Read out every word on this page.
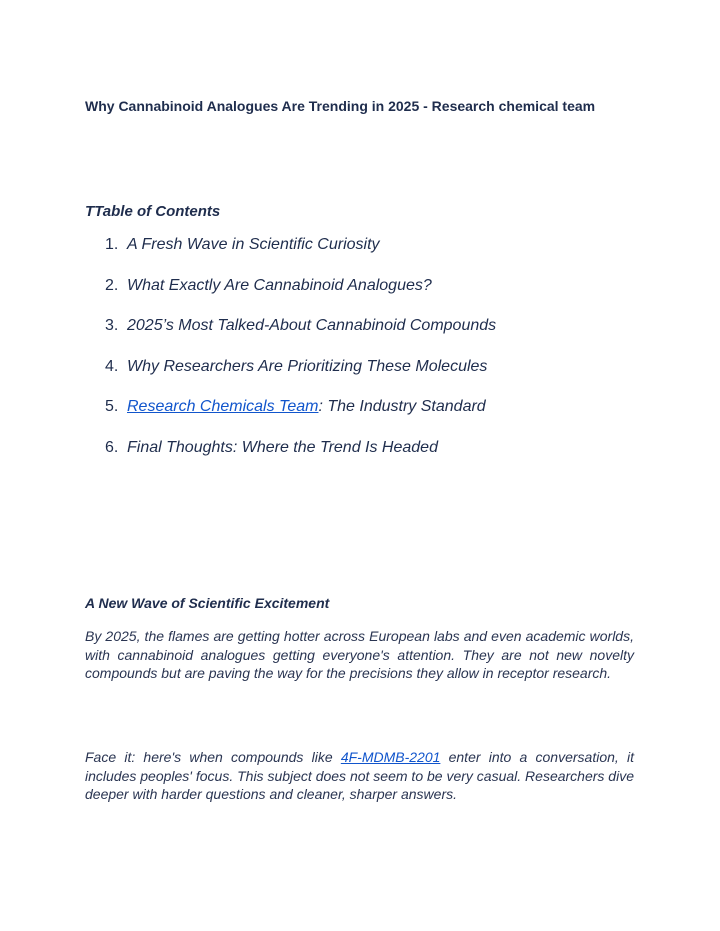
Why Cannabinoid Analogues Are Trending in 2025 - Research chemical team
TTable of Contents
1. A Fresh Wave in Scientific Curiosity
2. What Exactly Are Cannabinoid Analogues?
3. 2025’s Most Talked-About Cannabinoid Compounds
4. Why Researchers Are Prioritizing These Molecules
5. Research Chemicals Team: The Industry Standard
6. Final Thoughts: Where the Trend Is Headed
A New Wave of Scientific Excitement

By 2025, the flames are getting hotter across European labs and even academic worlds, with cannabinoid analogues getting everyone's attention. They are not new novelty compounds but are paving the way for the precisions they allow in receptor research.

Face it: here's when compounds like 4F-MDMB-2201 enter into a conversation, it includes peoples' focus. This subject does not seem to be very casual. Researchers dive deeper with harder questions and cleaner, sharper answers.
